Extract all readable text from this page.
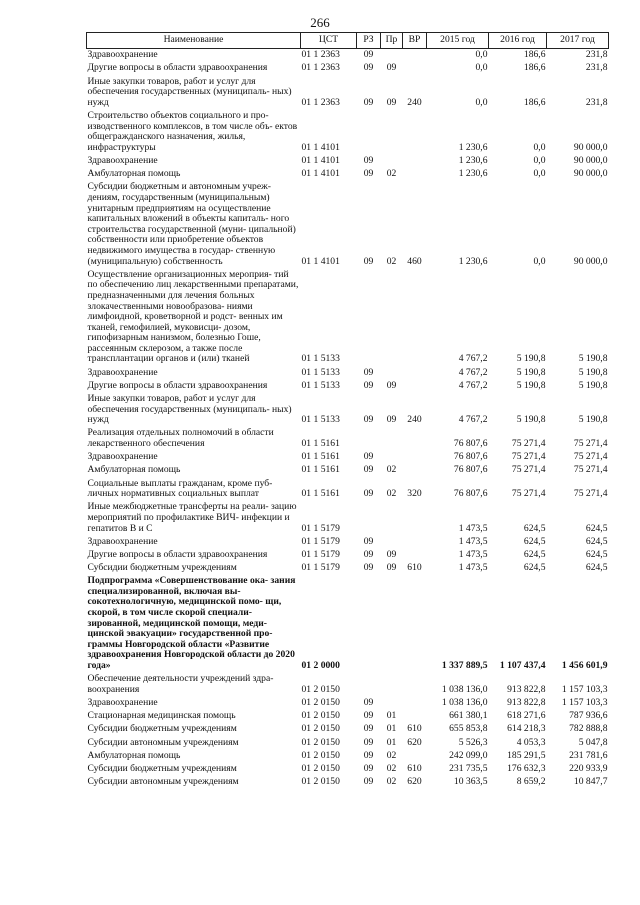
266
Наименование	ЦСТ	РЗ	Пр	ВР	2015 год	2016 год	2017 год
Здравоохранение	01 1 2363	09			0,0	186,6	231,8
Другие вопросы в области здравоохранения	01 1 2363	09	09		0,0	186,6	231,8
Иные закупки товаров, работ и услуг для обеспечения государственных (муниципаль- ных) нужд	01 1 2363	09	09	240	0,0	186,6	231,8
Строительство объектов социального и про- изводственного комплексов, в том числе объ- ектов общегражданского назначения, жилья, инфраструктуры	01 1 4101				1 230,6	0,0	90 000,0
Здравоохранение	01 1 4101	09			1 230,6	0,0	90 000,0
Амбулаторная помощь	01 1 4101	09	02		1 230,6	0,0	90 000,0
Субсидии бюджетным и автономным учреж- дениям, государственным (муниципальным) унитарным предприятиям на осуществление капитальных вложений в объекты капиталь- ного строительства государственной (муни- ципальной) собственности или приобретение объектов недвижимого имущества в государ- ственную (муниципальную) собственность	01 1 4101	09	02	460	1 230,6	0,0	90 000,0
Осуществление организационных мероприя- тий по обеспечению лиц лекарственными препаратами, предназначенными для лечения больных злокачественными новообразова- ниями лимфоидной, кроветворной и родст- венных им тканей, гемофилией, муковисци- дозом, гипофизарным нанизмом, болезнью Гоше, рассеянным склерозом, а также после трансплантации органов и (или) тканей	01 1 5133				4 767,2	5 190,8	5 190,8
Здравоохранение	01 1 5133	09			4 767,2	5 190,8	5 190,8
Другие вопросы в области здравоохранения	01 1 5133	09	09		4 767,2	5 190,8	5 190,8
Иные закупки товаров, работ и услуг для обеспечения государственных (муниципаль- ных) нужд	01 1 5133	09	09	240	4 767,2	5 190,8	5 190,8
Реализация отдельных полномочий в области лекарственного обеспечения	01 1 5161				76 807,6	75 271,4	75 271,4
Здравоохранение	01 1 5161	09			76 807,6	75 271,4	75 271,4
Амбулаторная помощь	01 1 5161	09	02		76 807,6	75 271,4	75 271,4
Социальные выплаты гражданам, кроме пуб- личных нормативных социальных выплат	01 1 5161	09	02	320	76 807,6	75 271,4	75 271,4
Иные межбюджетные трансферты на реали- зацию мероприятий по профилактике ВИЧ- инфекции и гепатитов В и С	01 1 5179				1 473,5	624,5	624,5
Здравоохранение	01 1 5179	09			1 473,5	624,5	624,5
Другие вопросы в области здравоохранения	01 1 5179	09	09		1 473,5	624,5	624,5
Субсидии бюджетным учреждениям	01 1 5179	09	09	610	1 473,5	624,5	624,5
Подпрограмма «Совершенствование ока- зания специализированной, включая вы- сокотехнологичную, медицинской помо- щи, скорой, в том числе скорой специали- зированной, медицинской помощи, меди- цинской эвакуации» государственной про- граммы Новгородской области «Развитие здравоохранения Новгородской области до 2020 года»	01 2 0000				1 337 889,5	1 107 437,4	1 456 601,9
Обеспечение деятельности учреждений здра- воохранения	01 2 0150				1 038 136,0	913 822,8	1 157 103,3
Здравоохранение	01 2 0150	09			1 038 136,0	913 822,8	1 157 103,3
Стационарная медицинская помощь	01 2 0150	09	01		661 380,1	618 271,6	787 936,6
Субсидии бюджетным учреждениям	01 2 0150	09	01	610	655 853,8	614 218,3	782 888,8
Субсидии автономным учреждениям	01 2 0150	09	01	620	5 526,3	4 053,3	5 047,8
Амбулаторная помощь	01 2 0150	09	02		242 099,0	185 291,5	231 781,6
Субсидии бюджетным учреждениям	01 2 0150	09	02	610	231 735,5	176 632,3	220 933,9
Субсидии автономным учреждениям	01 2 0150	09	02	620	10 363,5	8 659,2	10 847,7
